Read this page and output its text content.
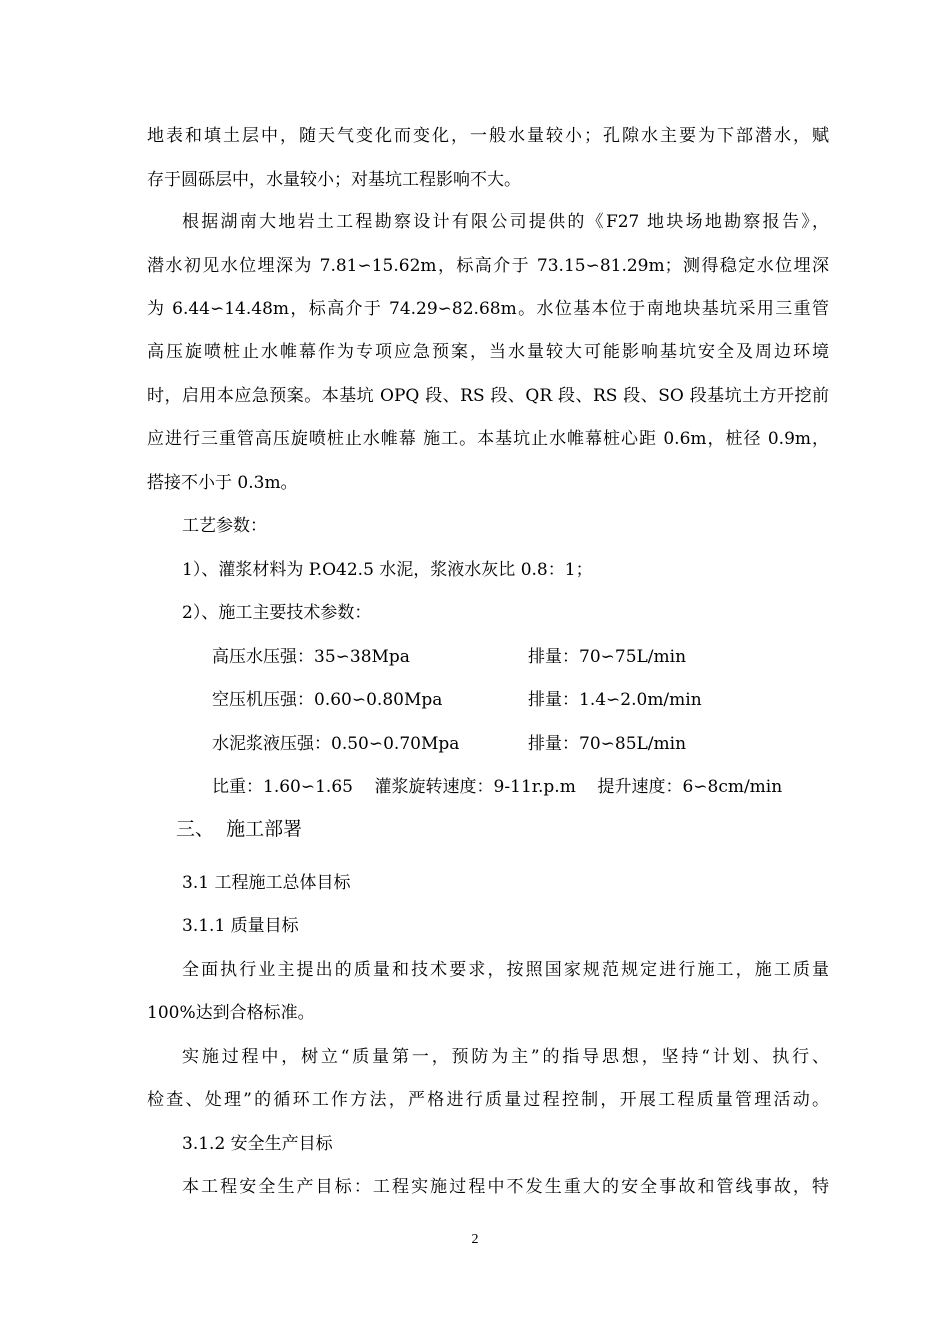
地表和填土层中，随天气变化而变化，一般水量较小；孔隙水主要为下部潜水，赋
存于圆砾层中，水量较小；对基坑工程影响不大。
根据湖南大地岩土工程勘察设计有限公司提供的《F27 地块场地勘察报告》，
潜水初见水位埋深为 7.81∽15.62m，标高介于 73.15∽81.29m；测得稳定水位埋深
为 6.44∽14.48m，标高介于 74.29∽82.68m。水位基本位于南地块基坑采用三重管
高压旋喷桩止水帷幕作为专项应急预案，当水量较大可能影响基坑安全及周边环境
时，启用本应急预案。本基坑 OPQ 段、RS 段、QR 段、RS 段、SO 段基坑土方开挖前
应进行三重管高压旋喷桩止水帷幕 施工。本基坑止水帷幕桩心距 0.6m，桩径 0.9m，
搭接不小于 0.3m。
工艺参数：
1）、灌浆材料为 P.O42.5 水泥，浆液水灰比 0.8：1；
2）、施工主要技术参数：
高压水压强：35∽38Mpa	排量：70∽75L/min
空压机压强：0.60∽0.80Mpa	排量：1.4∽2.0m/min
水泥浆液压强：0.50∽0.70Mpa	排量：70∽85L/min
比重：1.60∽1.65    灌浆旋转速度：9-11r.p.m    提升速度：6∽8cm/min
三、  施工部署
3.1 工程施工总体目标
3.1.1 质量目标
全面执行业主提出的质量和技术要求，按照国家规范规定进行施工，施工质量
100%达到合格标准。
实施过程中，树立“质量第一，预防为主”的指导思想，坚持“计划、执行、
检查、处理”的循环工作方法，严格进行质量过程控制，开展工程质量管理活动。
3.1.2 安全生产目标
本工程安全生产目标：工程实施过程中不发生重大的安全事故和管线事故，特
2
